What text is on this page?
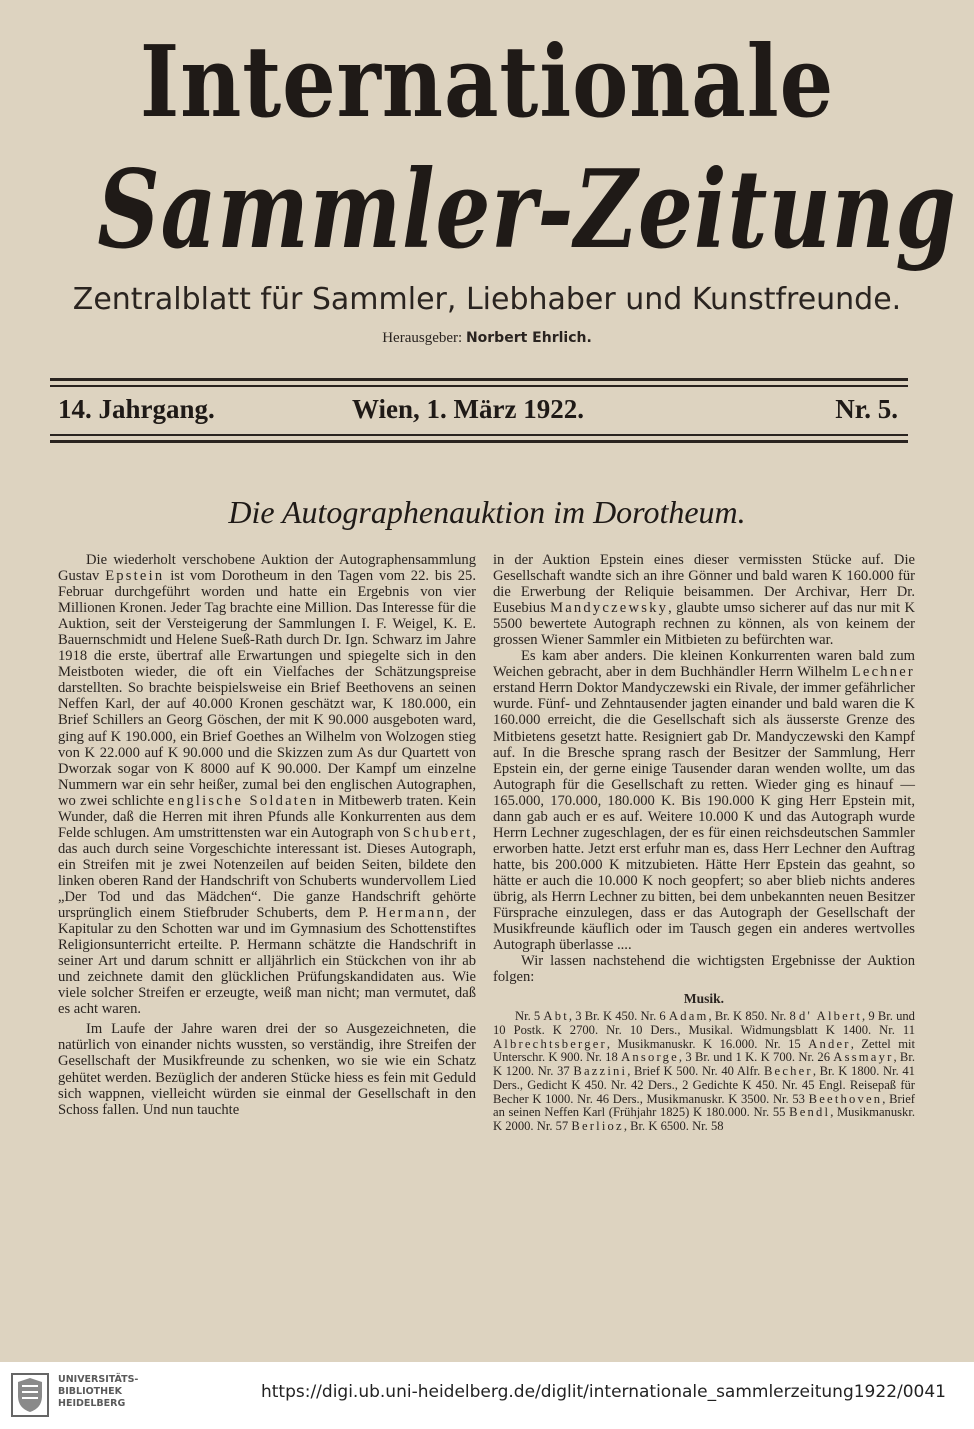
Internationale
Sammler-Zeitung
Zentralblatt für Sammler, Liebhaber und Kunstfreunde.
Herausgeber: Norbert Ehrlich.
14. Jahrgang.	Wien, 1. März 1922.	Nr. 5.
Die Autographenauktion im Dorotheum.

Die wiederholt verschobene Auktion der Autographensammlung Gustav Epstein ist vom Dorotheum in den Tagen vom 22. bis 25. Februar durchgeführt worden und hatte ein Ergebnis von vier Millionen Kronen. Jeder Tag brachte eine Million. Das Interesse für die Auktion, seit der Versteigerung der Sammlungen I. F. Weigel, K. E. Bauernschmidt und Helene Sueß-Rath durch Dr. Ign. Schwarz im Jahre 1918 die erste, übertraf alle Erwartungen und spiegelte sich in den Meistboten wieder, die oft ein Vielfaches der Schätzungspreise darstellten. So brachte beispielsweise ein Brief Beethovens an seinen Neffen Karl, der auf 40.000 Kronen geschätzt war, K 180.000, ein Brief Schillers an Georg Göschen, der mit K 90.000 ausgeboten ward, ging auf K 190.000, ein Brief Goethes an Wilhelm von Wolzogen stieg von K 22.000 auf K 90.000 und die Skizzen zum As dur Quartett von Dworzak sogar von K 8000 auf K 90.000. Der Kampf um einzelne Nummern war ein sehr heißer, zumal bei den englischen Autographen, wo zwei schlichte englische Soldaten in Mitbewerb traten. Kein Wunder, daß die Herren mit ihren Pfunds alle Konkurrenten aus dem Felde schlugen. Am umstrittensten war ein Autograph von Schubert, das auch durch seine Vorgeschichte interessant ist. Dieses Autograph, ein Streifen mit je zwei Notenzeilen auf beiden Seiten, bildete den linken oberen Rand der Handschrift von Schuberts wundervollem Lied „Der Tod und das Mädchen“. Die ganze Handschrift gehörte ursprünglich einem Stiefbruder Schuberts, dem P. Hermann, der Kapitular zu den Schotten war und im Gymnasium des Schottenstiftes Religionsunterricht erteilte. P. Hermann schätzte die Handschrift in seiner Art und darum schnitt er alljährlich ein Stückchen von ihr ab und zeichnete damit den glücklichen Prüfungskandidaten aus. Wie viele solcher Streifen er erzeugte, weiß man nicht; man vermutet, daß es acht waren.

Im Laufe der Jahre waren drei der so Ausgezeichneten, die natürlich von einander nichts wussten, so verständig, ihre Streifen der Gesellschaft der Musikfreunde zu schenken, wo sie wie ein Schatz gehütet werden. Bezüglich der anderen Stücke hiess es fein mit Geduld sich wappnen, vielleicht würden sie einmal der Gesellschaft in den Schoss fallen. Und nun tauchte

in der Auktion Epstein eines dieser vermissten Stücke auf. Die Gesellschaft wandte sich an ihre Gönner und bald waren K 160.000 für die Erwerbung der Reliquie beisammen. Der Archivar, Herr Dr. Eusebius Mandyczewsky, glaubte umso sicherer auf das nur mit K 5500 bewertete Autograph rechnen zu können, als von keinem der grossen Wiener Sammler ein Mitbieten zu befürchten war.

Es kam aber anders. Die kleinen Konkurrenten waren bald zum Weichen gebracht, aber in dem Buchhändler Herrn Wilhelm Lechner erstand Herrn Doktor Mandyczewski ein Rivale, der immer gefährlicher wurde. Fünf- und Zehntausender jagten einander und bald waren die K 160.000 erreicht, die die Gesellschaft sich als äusserste Grenze des Mitbietens gesetzt hatte. Resigniert gab Dr. Mandyczewski den Kampf auf. In die Bresche sprang rasch der Besitzer der Sammlung, Herr Epstein ein, der gerne einige Tausender daran wenden wollte, um das Autograph für die Gesellschaft zu retten. Wieder ging es hinauf — 165.000, 170.000, 180.000 K. Bis 190.000 K ging Herr Epstein mit, dann gab auch er es auf. Weitere 10.000 K und das Autograph wurde Herrn Lechner zugeschlagen, der es für einen reichsdeutschen Sammler erworben hatte. Jetzt erst erfuhr man es, dass Herr Lechner den Auftrag hatte, bis 200.000 K mitzubieten. Hätte Herr Epstein das geahnt, so hätte er auch die 10.000 K noch geopfert; so aber blieb nichts anderes übrig, als Herrn Lechner zu bitten, bei dem unbekannten neuen Besitzer Fürsprache einzulegen, dass er das Autograph der Gesellschaft der Musikfreunde käuflich oder im Tausch gegen ein anderes wertvolles Autograph überlasse ....

Wir lassen nachstehend die wichtigsten Ergebnisse der Auktion folgen:

Musik.

Nr. 5 Abt, 3 Br. K 450. Nr. 6 Adam, Br. K 850. Nr. 8 d' Albert, 9 Br. und 10 Postk. K 2700. Nr. 10 Ders., Musikal. Widmungsblatt K 1400. Nr. 11 Albrechtsberger, Musikmanuskr. K 16.000. Nr. 15 Ander, Zettel mit Unterschr. K 900. Nr. 18 Ansorge, 3 Br. und 1 K. K 700. Nr. 26 Assmayr, Br. K 1200. Nr. 37 Bazzini, Brief K 500. Nr. 40 Alfr. Becher, Br. K 1800. Nr. 41 Ders., Gedicht K 450. Nr. 42 Ders., 2 Gedichte K 450. Nr. 45 Engl. Reisepaß für Becher K 1000. Nr. 46 Ders., Musikmanuskr. K 3500. Nr. 53 Beethoven, Brief an seinen Neffen Karl (Frühjahr 1825) K 180.000. Nr. 55 Bendl, Musikmanuskr. K 2000. Nr. 57 Berlioz, Br. K 6500. Nr. 58

UNIVERSITÄTS-
BIBLIOTHEK
HEIDELBERG
https://digi.ub.uni-heidelberg.de/diglit/internationale_sammlerzeitung1922/0041
